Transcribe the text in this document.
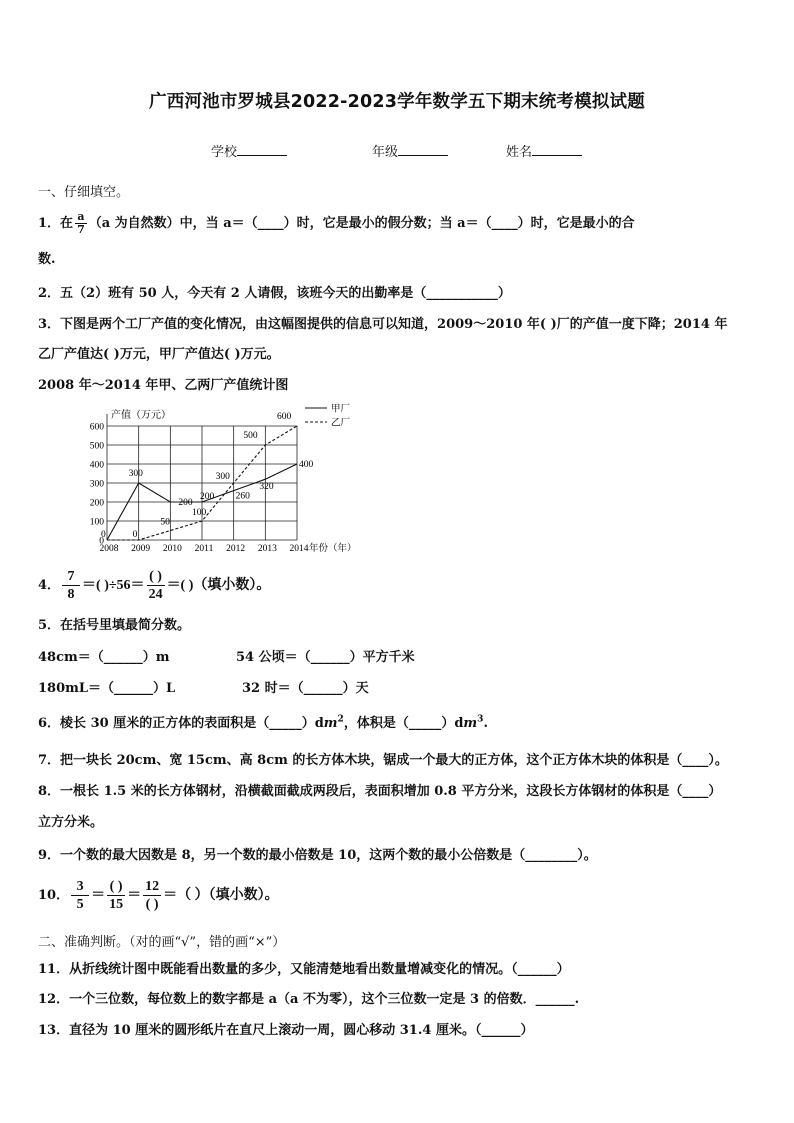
广西河池市罗城县2022-2023学年数学五下期末统考模拟试题
学校	年级	姓名
一、仔细填空。
1．在 $\frac{a}{7} (a$ 为自然数）中，当 a＝（____）时，它是最小的假分数；当 a＝（____）时，它是最小的合
数.
2．五（2）班有 50 人，今天有 2 人请假，该班今天的出勤率是（___________）
3．下图是两个工厂产值的变化情况，由这幅图提供的信息可以知道，2009～2010 年( )厂的产值一度下降；2014 年
乙厂产值达( )万元，甲厂产值达( )万元。
2008 年～2014 年甲、乙两厂产值统计图
0
100
200
300
400
500
600
产值（万元）
年份（年）
2008 2009 2010 2011 2012 2013 2014
0
300
200
200 260
320
400
0
50
100
300
500
600
甲厂
乙厂
4． $\frac{7}{8}$ ＝( )$\div 56= \frac{( )}{24}$ ＝( )（填小数）。
5．在括号里填最简分数。
48cm＝（______）m	54 公顷＝（______）平方千米
180mL＝（______）L	32 时＝（______）天
6．棱长 30 厘米的正方体的表面积是$(\_\_\_\_\_)dm^2$，体积是$(\_\_\_\_\_)dm^3$.
7．把一块长 20cm、宽 15cm、高 8cm 的长方体木块，锯成一个最大的正方体，这个正方体木块的体积是（____）。
8．一根长 1.5 米的长方体钢材，沿横截面截成两段后，表面积增加 0.8 平方分米，这段长方体钢材的体积是（____）
立方分米。
9．一个数的最大因数是 8，另一个数的最小倍数是 10，这两个数的最小公倍数是（________）。
10． $\frac{3}{5} = \frac{( )}{15} = \frac{12}{( )}$ ＝（ ）（填小数）。
二、准确判断。（对的画“√”，错的画“×”）
11．从折线统计图中既能看出数量的多少，又能清楚地看出数量增减变化的情况。（______）
12．一个三位数，每位数上的数字都是 a（a 不为零），这个三位数一定是 3 的倍数．______.
13．直径为 10 厘米的圆形纸片在直尺上滚动一周，圆心移动 31.4 厘米。（______）
